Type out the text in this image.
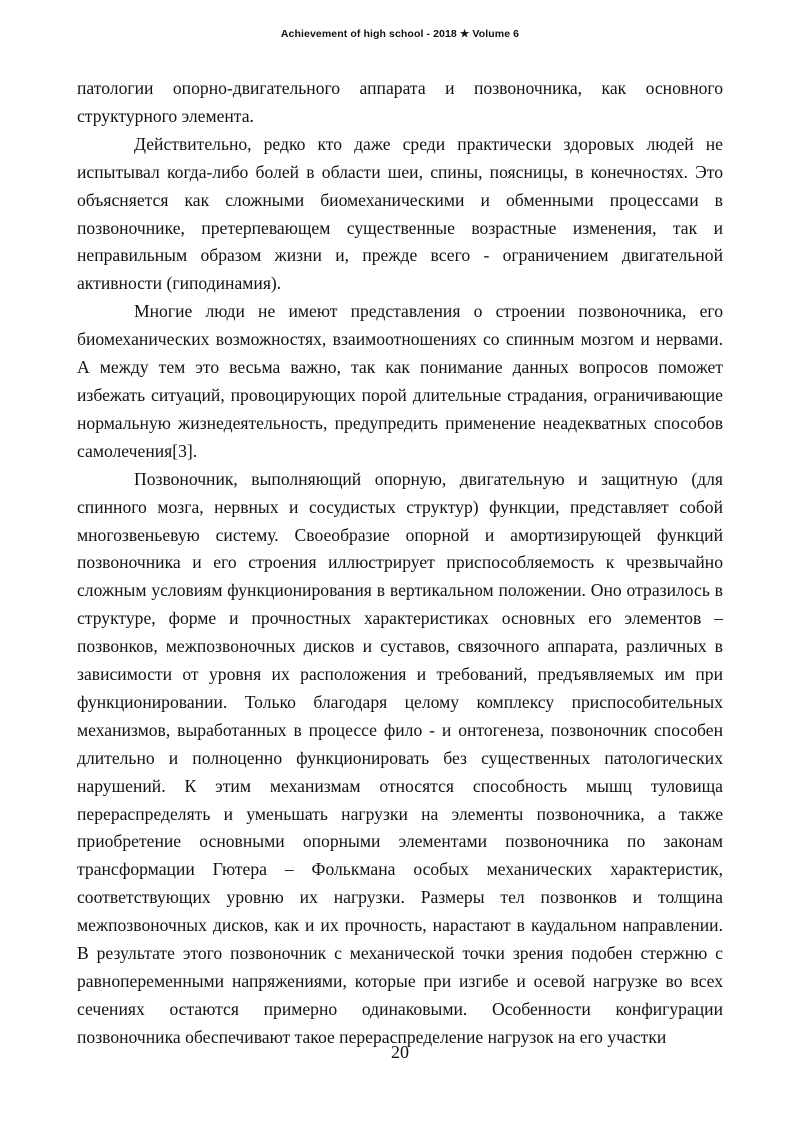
Achievement of high school - 2018 ★ Volume 6

патологии опорно-двигательного аппарата и позвоночника, как основного структурного элемента.

Действительно, редко кто даже среди практически здоровых людей не испытывал когда-либо болей в области шеи, спины, поясницы, в конечностях. Это объясняется как сложными биомеханическими и обменными процессами в позвоночнике, претерпевающем существенные возрастные изменения, так и неправильным образом жизни и, прежде всего - ограничением двигательной активности (гиподинамия).

Многие люди не имеют представления о строении позвоночника, его биомеханических возможностях, взаимоотношениях со спинным мозгом и нервами. А между тем это весьма важно, так как понимание данных вопросов поможет избежать ситуаций, провоцирующих порой длительные страдания, ограничивающие нормальную жизнедеятельность, предупредить применение неадекватных способов самолечения[3].

Позвоночник, выполняющий опорную, двигательную и защитную (для спинного мозга, нервных и сосудистых структур) функции, представляет собой многозвеньевую систему. Своеобразие опорной и амортизирующей функций позвоночника и его строения иллюстрирует приспособляемость к чрезвычайно сложным условиям функционирования в вертикальном положении. Оно отразилось в структуре, форме и прочностных характеристиках основных его элементов – позвонков, межпозвоночных дисков и суставов, связочного аппарата, различных в зависимости от уровня их расположения и требований, предъявляемых им при функционировании. Только благодаря целому комплексу приспособительных механизмов, выработанных в процессе фило - и онтогенеза, позвоночник способен длительно и полноценно функционировать без существенных патологических нарушений. К этим механизмам относятся способность мышц туловища перераспределять и уменьшать нагрузки на элементы позвоночника, а также приобретение основными опорными элементами позвоночника по законам трансформации Гютера – Фолькмана особых механических характеристик, соответствующих уровню их нагрузки. Размеры тел позвонков и толщина межпозвоночных дисков, как и их прочность, нарастают в каудальном направлении. В результате этого позвоночник с механической точки зрения подобен стержню с равнопеременными напряжениями, которые при изгибе и осевой нагрузке во всех сечениях остаются примерно одинаковыми. Особенности конфигурации позвоночника обеспечивают такое перераспределение нагрузок на его участки

20
